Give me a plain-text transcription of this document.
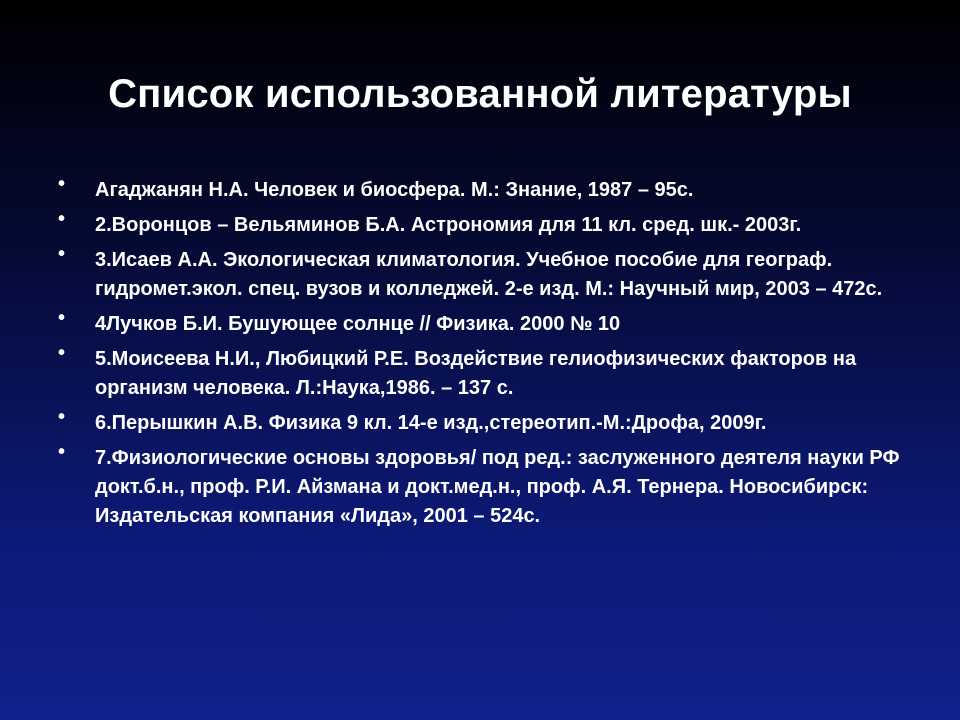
Список использованной литературы
• Агаджанян Н.А. Человек и биосфера. М.: Знание, 1987 – 95с.
• 2.Воронцов – Вельяминов Б.А. Астрономия для 11 кл. сред. шк.- 2003г.
• 3.Исаев А.А. Экологическая климатология. Учебное пособие для географ. гидромет.экол. спец. вузов и колледжей. 2-е изд. М.: Научный мир, 2003 – 472с.
• 4Лучков Б.И. Бушующее солнце // Физика. 2000 № 10
• 5.Моисеева Н.И., Любицкий Р.Е. Воздействие гелиофизических факторов на организм человека. Л.:Наука,1986. – 137 с.
• 6.Перышкин А.В. Физика 9 кл. 14-е изд.,стереотип.-М.:Дрофа, 2009г.
• 7.Физиологические основы здоровья/ под ред.: заслуженного деятеля науки РФ докт.б.н., проф. Р.И. Айзмана и докт.мед.н., проф. А.Я. Тернера. Новосибирск: Издательская компания «Лида», 2001 – 524с.
